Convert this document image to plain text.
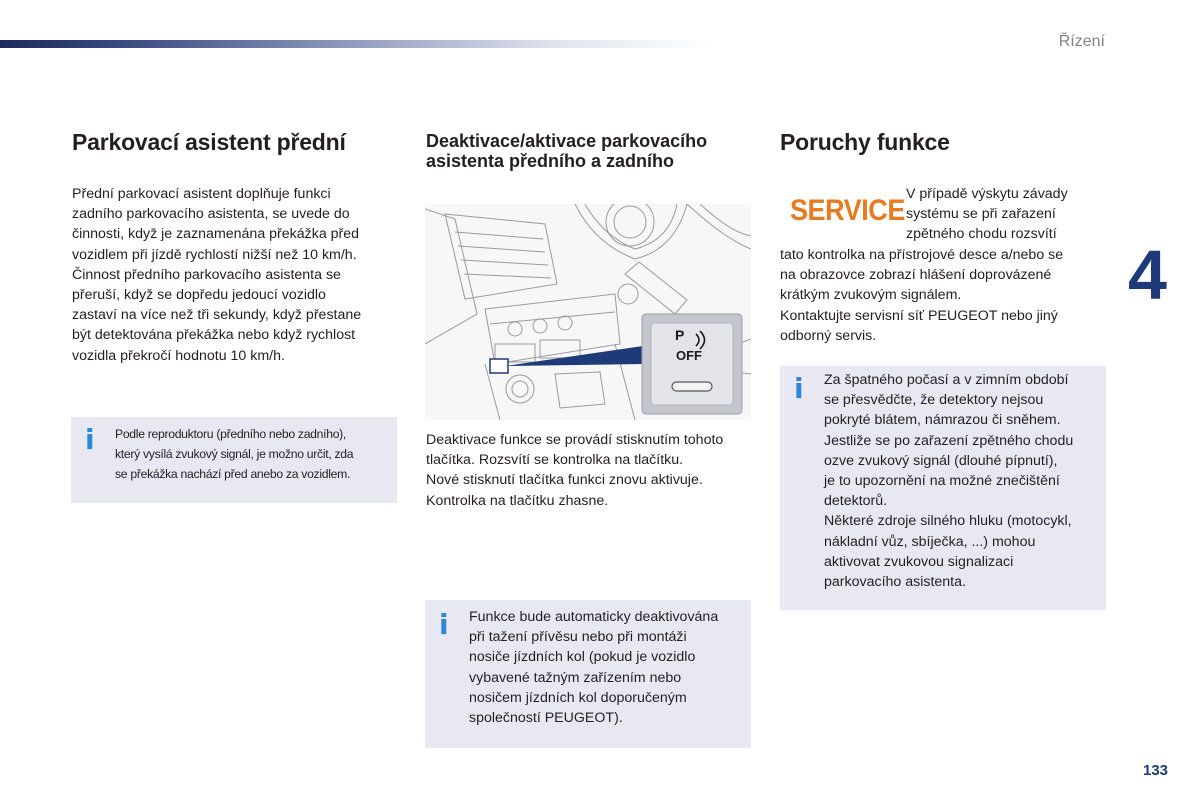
Řízení
4
133
Parkovací asistent přední
Přední parkovací asistent doplňuje funkci
zadního parkovacího asistenta, se uvede do
činnosti, když je zaznamenána překážka před
vozidlem při jízdě rychlostí nižší než 10 km/h.
Činnost předního parkovacího asistenta se
přeruší, když se dopředu jedoucí vozidlo
zastaví na více než tři sekundy, když přestane
být detektována překážka nebo když rychlost
vozidla překročí hodnotu 10 km/h.
i Podle reproduktoru (předního nebo zadního),
který vysílá zvukový signál, je možno určit, zda
se překážka nachází před anebo za vozidlem.
Deaktivace/aktivace parkovacího
asistenta předního a zadního
P
OFF
Deaktivace funkce se provádí stisknutím tohoto
tlačítka. Rozsvítí se kontrolka na tlačítku.
Nové stisknutí tlačítka funkci znovu aktivuje.
Kontrolka na tlačítku zhasne.
i Funkce bude automaticky deaktivována
při tažení přívěsu nebo při montáži
nosiče jízdních kol (pokud je vozidlo
vybavené tažným zařízením nebo
nosičem jízdních kol doporučeným
společností PEUGEOT).
Poruchy funkce
SERVICE V případě výskytu závady
systému se při zařazení
zpětného chodu rozsvítí
tato kontrolka na přístrojové desce a/nebo se
na obrazovce zobrazí hlášení doprovázené
krátkým zvukovým signálem.
Kontaktujte servisní síť PEUGEOT nebo jiný
odborný servis.
i Za špatného počasí a v zimním období
se přesvědčte, že detektory nejsou
pokryté blátem, námrazou či sněhem.
Jestliže se po zařazení zpětného chodu
ozve zvukový signál (dlouhé pípnutí),
je to upozornění na možné znečištění
detektorů.
Některé zdroje silného hluku (motocykl,
nákladní vůz, sbíječka, ...) mohou
aktivovat zvukovou signalizaci
parkovacího asistenta.
